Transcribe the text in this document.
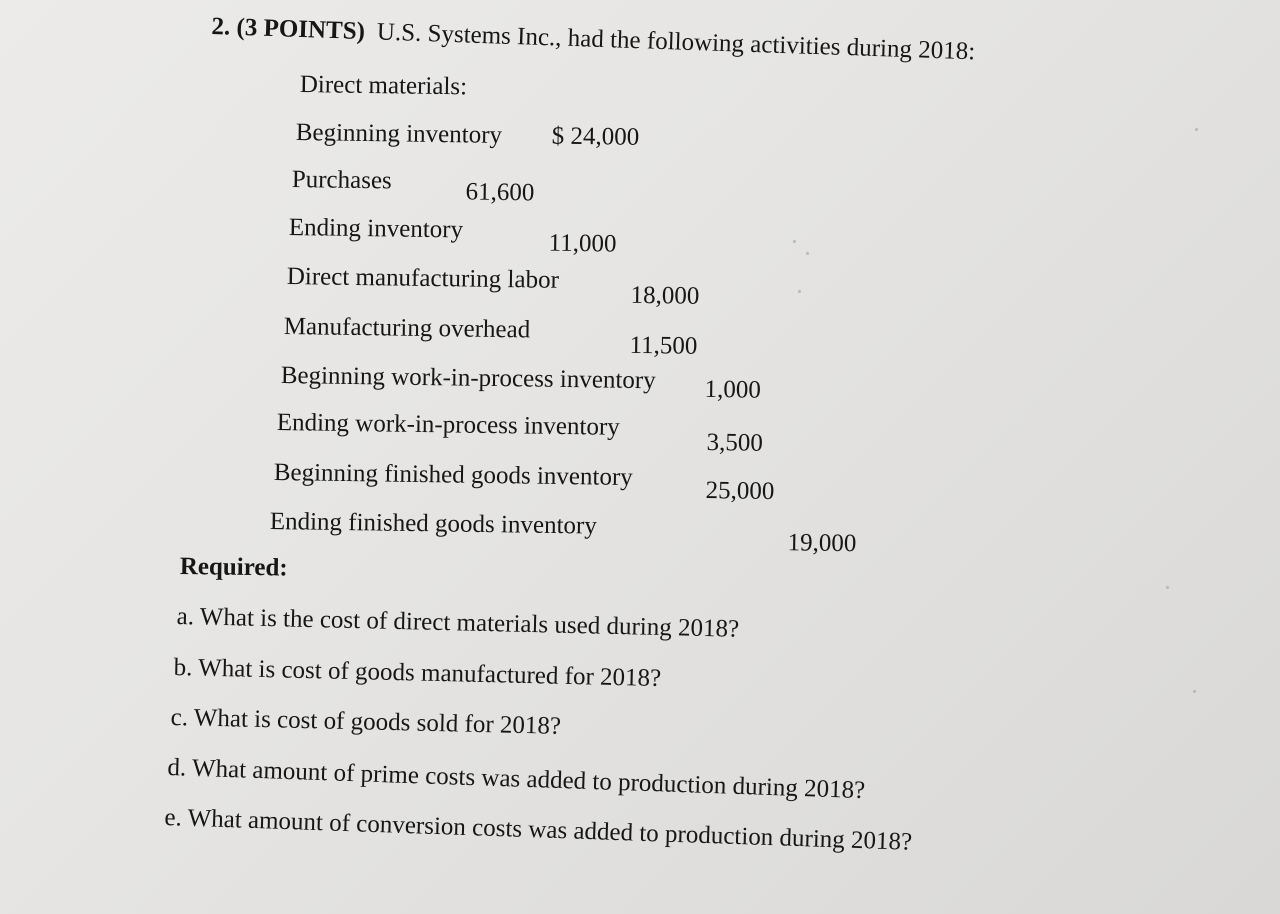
2. (3 POINTS) U.S. Systems Inc., had the following activities during 2018:
Direct materials:
Beginning inventory $ 24,000
Purchases	61,600
Ending inventory
11,000
Direct manufacturing labor
18,000
Manufacturing overhead
11,500
Beginning work-in-process inventory 1,000
Ending work-in-process inventory
3,500
Beginning finished goods inventory	25,000
Ending finished goods inventory
19,000
Required:
a. What is the cost of direct materials used during 2018?
b. What is cost of goods manufactured for 2018?
c. What is cost of goods sold for 2018?
d. What amount of prime costs was added to production during 2018?
e. What amount of conversion costs was added to production during 2018?
